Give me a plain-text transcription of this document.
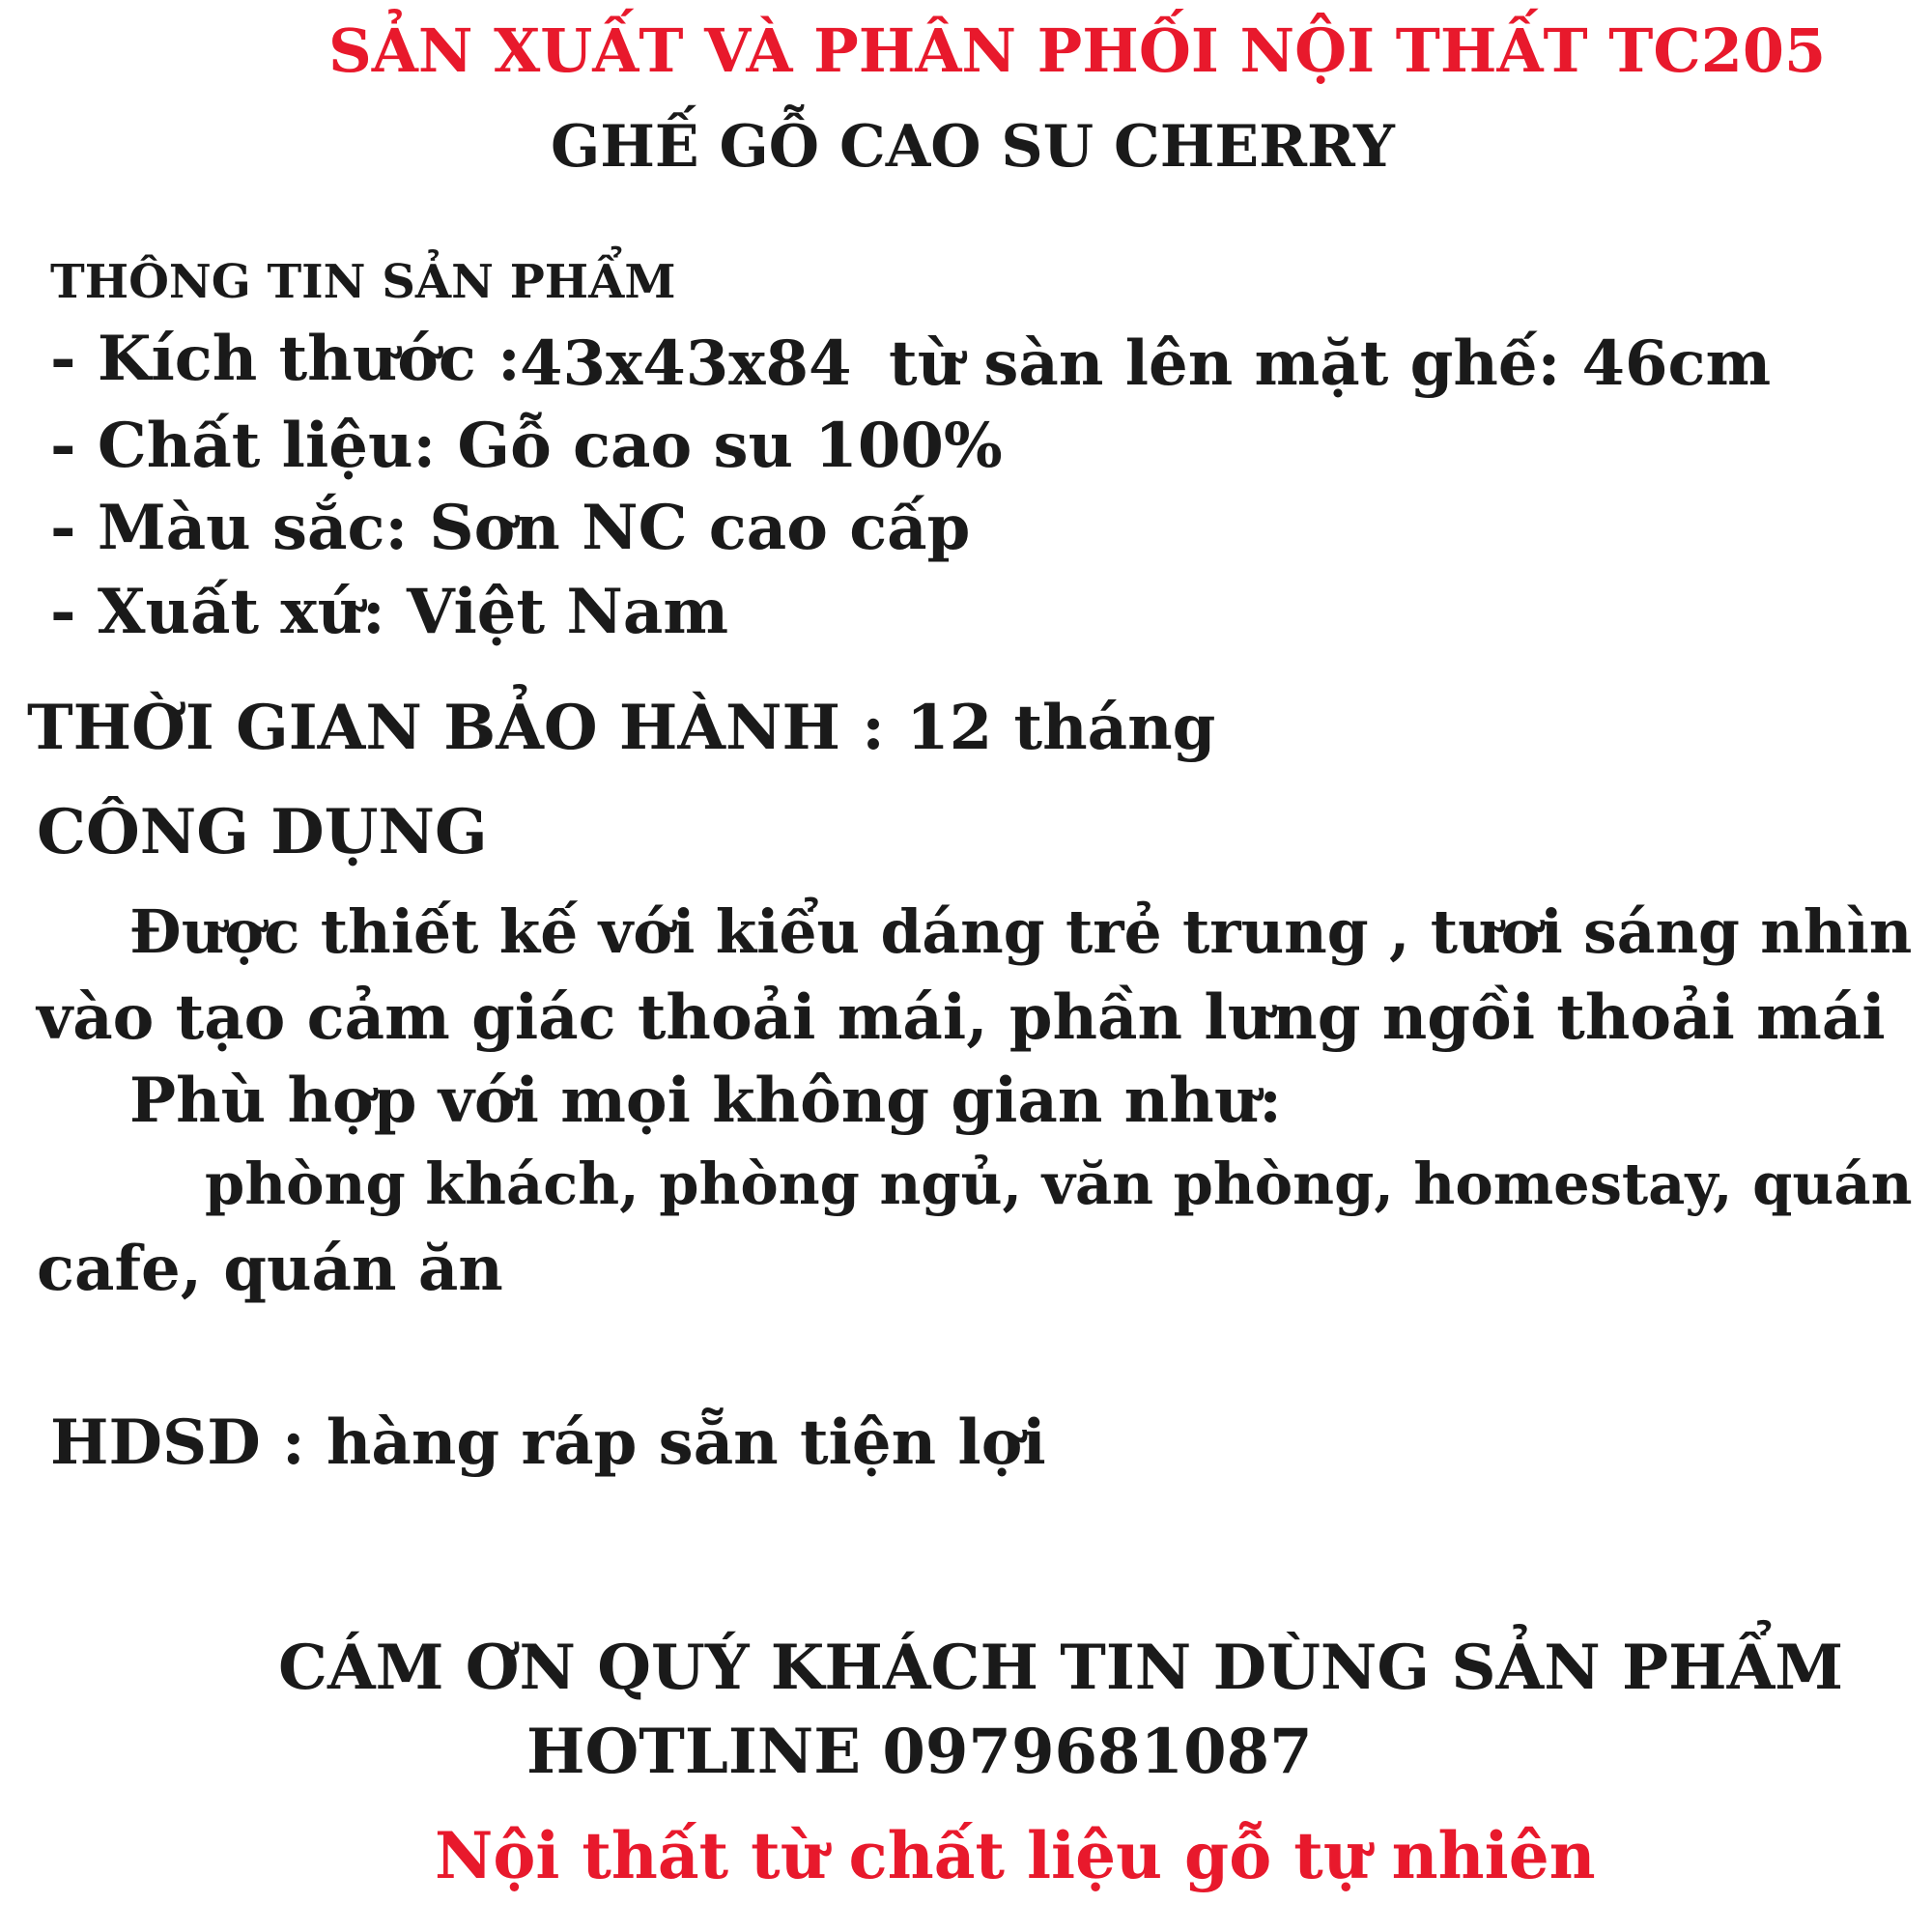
SẢN XUẤT VÀ PHÂN PHỐI NỘI THẤT TC205
GHẾ GỖ CAO SU CHERRY
THÔNG TIN SẢN PHẨM
- Kích thước : 43x43x84 từ sàn lên mặt ghế: 46cm
- Chất liệu: Gỗ cao su 100%
- Màu sắc: Sơn NC cao cấp
- Xuất xứ: Việt Nam
THỜI GIAN BẢO HÀNH : 12 tháng
CÔNG DỤNG
Được thiết kế với kiểu dáng trẻ trung , tươi sáng nhìn
vào tạo cảm giác thoải mái, phần lưng ngồi thoải mái
Phù hợp với mọi không gian như:
phòng khách, phòng ngủ, văn phòng, homestay, quán
cafe, quán ăn
HDSD : hàng ráp sẵn tiện lợi
CÁM ƠN QUÝ KHÁCH TIN DÙNG SẢN PHẨM
HOTLINE 0979681087
Nội thất từ chất liệu gỗ tự nhiên
